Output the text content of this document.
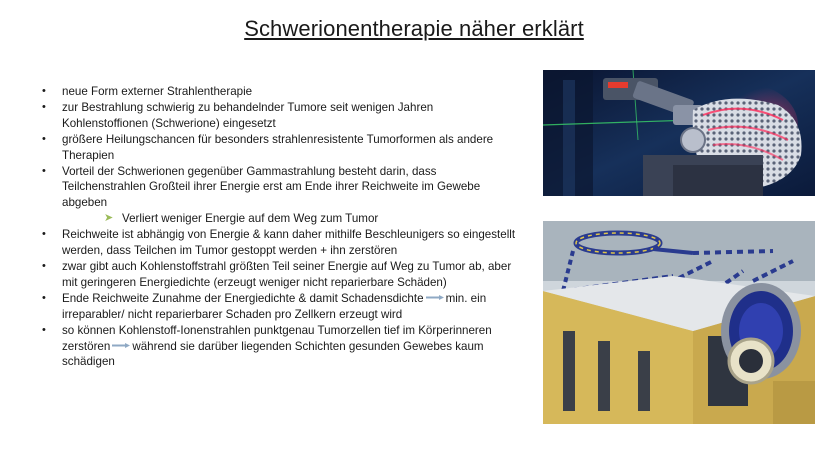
Schwerionentherapie näher erklärt
• neue Form externer Strahlentherapie
• zur Bestrahlung schwierig zu behandelnder Tumore seit wenigen Jahren Kohlenstoffionen (Schwerione) eingesetzt
• größere Heilungschancen für besonders strahlenresistente Tumorformen als andere Therapien
• Vorteil der Schwerionen gegenüber Gammastrahlung besteht darin, dass Teilchenstrahlen Großteil ihrer Energie erst am Ende ihrer Reichweite im Gewebe abgeben
➤ Verliert weniger Energie auf dem Weg zum Tumor
• Reichweite ist abhängig von Energie & kann daher mithilfe Beschleunigers so eingestellt werden, dass Teilchen im Tumor gestoppt werden + ihn zerstören
• zwar gibt auch Kohlenstoffstrahl größten Teil seiner Energie auf Weg zu Tumor ab, aber mit geringeren Energiedichte (erzeugt weniger nicht reparierbare Schäden)
• Ende Reichweite Zunahme der Energiedichte & damit Schadensdichte min. ein irreparabler/ nicht reparierbarer Schaden pro Zellkern erzeugt wird
• so können Kohlenstoff-Ionenstrahlen punktgenau Tumorzellen tief im Körperinneren zerstören während sie darüber liegenden Schichten gesunden Gewebes kaum schädigen
